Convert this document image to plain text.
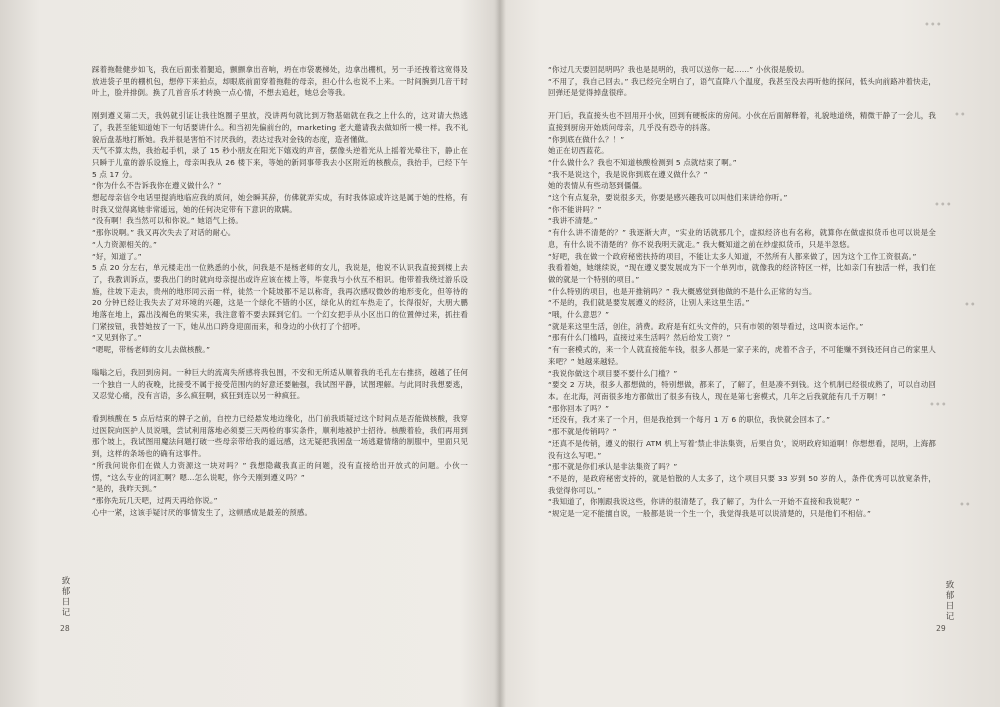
踩着拖鞋健步如飞，我在后面张着腿追，颤颤拿出音响，坍在市袋裹梯处，边拿出棚机，另一手还拽着这宽得及放进袋子里的棚机包，想停下来拍点，却眼底前面穿着拖鞋的母亲，担心什么也说不上来。一时间腕到几音干时叶上，脸并排倒。换了几首音乐才转换一点心情，不想去追赶，她总会等我。

刚到遵义第二天，我妈就引证让我往饱圈子里放，没讲两句就比到万物基础就在我之上什么的，这对请大热逃了，我甚至能知道她下一句话要讲什么。和当初先偏前台的，marketing 老大邀请我去做如所一模一样。我不礼貌后盘基地打断她。我并很是害怕不讨厌我的，表达过我对金钱的态度，造者懂做。

天气不算太热，我抬起手机，录了 15 秒小朋友在阳光下嬉戏的声音，摆像头逆着光从上摇着光晕往下，静止在只瞬于儿童的游乐设施上，母亲叫我从 26 楼下来，等她的新同事带我去小区附近的核酸点，我抬手，已经下午 5 点 17 分。

“你为什么不告诉我你在遵义做什么？”

想起母亲信令电话里提消地临应我的质问，她会瞬其辞，仿佛就弄实成，有时我体谅或许这是属于她的性格，有时我又觉得离她非常遥远，她的任何决定带有下意识的欺瞒。

“没有啊！我当然可以和你说。” 她语气上扬。

“那你说啊。” 我又再次失去了对话的耐心。

“人力资源相关的。”

“好，知道了。”

5 点 20 分左右，单元楼走出一位熟悉的小伙，问我是不是杨老师的女儿，我说是，他说不认识我直接到楼上去了，我教训诉点，要我出门的时就向母亲提出或许应该在楼上等，毕竟我与小伙互不相识。他带着我绕过游乐设施，往坡下走去，贵州的地形同云南一样，徒然一个陡坡都不足以称奇，我再次感叹微妙的地形变化，但等待的 20 分钟已经让我失去了对环境的兴趣，这是一个绿化不错的小区，绿化从的红车热走了，长得很好，大朋大鹏地落在地上，露出浅褐色的果实来，我注意着不要去踩到它们。一个幻女把手从小区出口的位置伸过来，抓拄看门紧按钮，我替她按了一下，她从出口跨身迎面而来，和身边的小伙打了个招呼。

“又见到你了。”

“嗯呢，带杨老师的女儿去做核酸。”

嗡嗡之后，我回到房间。一种巨大的流离失所感将我包围，不安和无所适从顺着我的毛孔左右推挤，越越了任何一个独自一人的夜晚，比接受不属于接受范围内的好意还要触强，我试图平静，试图理解。与此同时我想要逃，又忍觉心痛，没有言语，多么疯狂啊，疯狂到连以另一种疯狂。

看到核酸在 5 点后结束的牌子之前，自控力已经悬发地边缘化，出门前我质疑过这个时间点是否能做核酸，我穿过医院向医护人员说哦，尝试利用落地必须要三天两检的事实条件，顺利地被护士招待。核酸着验，我们再用到那个坡上，我试图用魔法问题打破一些母亲带给我的遥远感，这无疑把我困盘一场逃避情绪的制服中，里面只见到，这样的条场也的确有这事件。

“所我问说你们在做人力资源这一块对吗？” 我想隐藏我真正的问题，没有直接给出开放式的问题。小伙一愣，“这么专业的词汇啊？嗯…怎么说呢，你今天刚到遵义吗？”

“是的，我昨天到。”

“那你先玩几天吧，过两天再给你说。”

心中一紧，这该手疑讨厌的事情发生了，这顿感成是最差的预感。

致郁日记
28

“你过几天要回昆明吗？我也是昆明的，我可以送你一起……” 小伙很是殷切。

“不用了，我自己回去。” 我已经完全明白了，语气直降八个温度，我甚至没去再听他的探问，低头向前路冲着快走，回弹还是觉得掉盘很痒。

开门后，我直接头也不回用开小伙，回到有硬板床的房间。小伙在后面解释着，礼貌地道绕，精微干静了一会儿，我直接到厨房开始质问母亲，几乎没有恐寺的抖落。

“你到底在做什么？！”

她正在切西蓝花。

“什么做什么？我也不知道核酸检测到 5 点就结束了啊。”

“我不是说这个，我是说你到底在遵义做什么？”

她的表情从有些动怒到僵僵。

“这个有点复杂，要说很多天，你要是感兴趣我可以叫他们来讲给你听。”

“你不能讲吗？”

“我讲不清楚。”

“有什么讲不清楚的？” 我逐渐大声，“实业的话就那几个，虚拟经济也有名称，就算你在做虚拟货币也可以说是全息，有什么说不清楚的？你不说我明天就走。” 我大概知道之前在炒虚拟货币，只是半忽悠。

“好吧，我在做一个政府秘密扶持的项目，不能让太多人知道，不然所有人都来做了，因为这个工作工资很高。”

我看着她，她继续说，“现在遵义要发展成为下一个单列市，就像我的经济特区一样，比如亲门有独活一样，我们在做的就是一个特别的项目。”

“什么特别的项目，也是开推销吗？” 我大概感觉到他做的不是什么正常的勾当。

“不是的，我们就是要发展遵义的经济，让别人来这里生活。”

“哦，什么意思？”

“就是来这里生活，创住，消费。政府是有红头文件的，只有市领的领导看过，这叫资本运作。”

“那有什么门槛吗，直接过来生活吗？然后给发工资？”

“有一套模式的，来一个人就直接能车钱，很多人都是一家子来的，虎着不含子，不可能赚不到钱还问自己的家里人来吧？” 她越来越轻。

“我说你做这个项目要不要什么门槛？”

“要交 2 万块，很多人都想做的，特别想做，都来了，了解了，但是凑不到钱。这个机制已经很成熟了，可以自动回本。在北海，河南很多地方都做出了很多有钱人，现在是第七套模式，几年之后我就能有几千万啊！”

“那你回本了吗？”

“还没有，我才来了一个月，但是我抢到一个每月 1 万 6 的职位，我快就会回本了。”

“那不就是传销吗？”

“还真不是传销，遵义的银行 ATM 机上写着‘禁止非法集资，后果自负’，说明政府知道啊！你想想看，昆明，上海都没有这么写吧。”

“那不就是你们承认是非法集资了吗？”

“不是的，是政府秘密支持的，就是怕散的人太多了，这个项目只要 33 岁到 50 岁的人，条件优秀可以放宽条件，我觉得你可以。”

“我知道了，你刚跟我说这些，你讲的很清楚了，我了解了，为什么一开始不直接和我说呢？”

“规定是一定不能擅自说，一般都是说一个生一个，我觉得我是可以说清楚的，只是他们不相信。”

致郁日记
29
•••
••
•••
••
•••
••
